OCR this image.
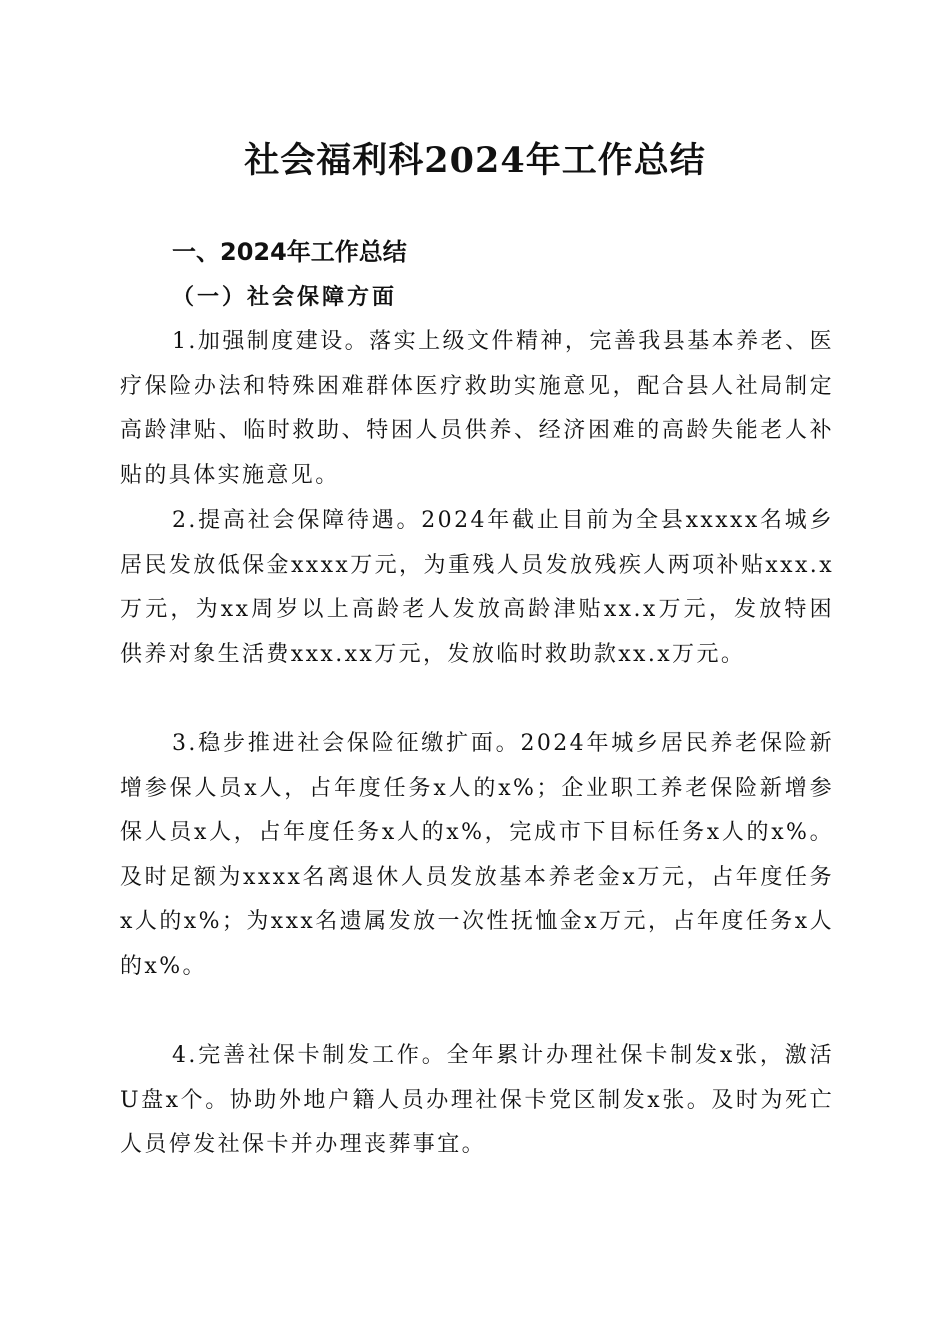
社会福利科2024年工作总结
一、2024年工作总结
（一）社会保障方面

1.加强制度建设。落实上级文件精神，完善我县基本养老、医疗保险办法和特殊困难群体医疗救助实施意见，配合县人社局制定高龄津贴、临时救助、特困人员供养、经济困难的高龄失能老人补贴的具体实施意见。

2.提高社会保障待遇。2024年截止目前为全县xxxxx名城乡居民发放低保金xxxx万元，为重残人员发放残疾人两项补贴xxx.x万元，为xx周岁以上高龄老人发放高龄津贴xx.x万元，发放特困供养对象生活费xxx.xx万元，发放临时救助款xx.x万元。

3.稳步推进社会保险征缴扩面。2024年城乡居民养老保险新增参保人员x人，占年度任务x人的x%；企业职工养老保险新增参保人员x人，占年度任务x人的x%，完成市下目标任务x人的x%。及时足额为xxxx名离退休人员发放基本养老金x万元，占年度任务x人的x%；为xxx名遗属发放一次性抚恤金x万元，占年度任务x人的x%。

4.完善社保卡制发工作。全年累计办理社保卡制发x张，激活U盘x个。协助外地户籍人员办理社保卡党区制发x张。及时为死亡人员停发社保卡并办理丧葬事宜。
